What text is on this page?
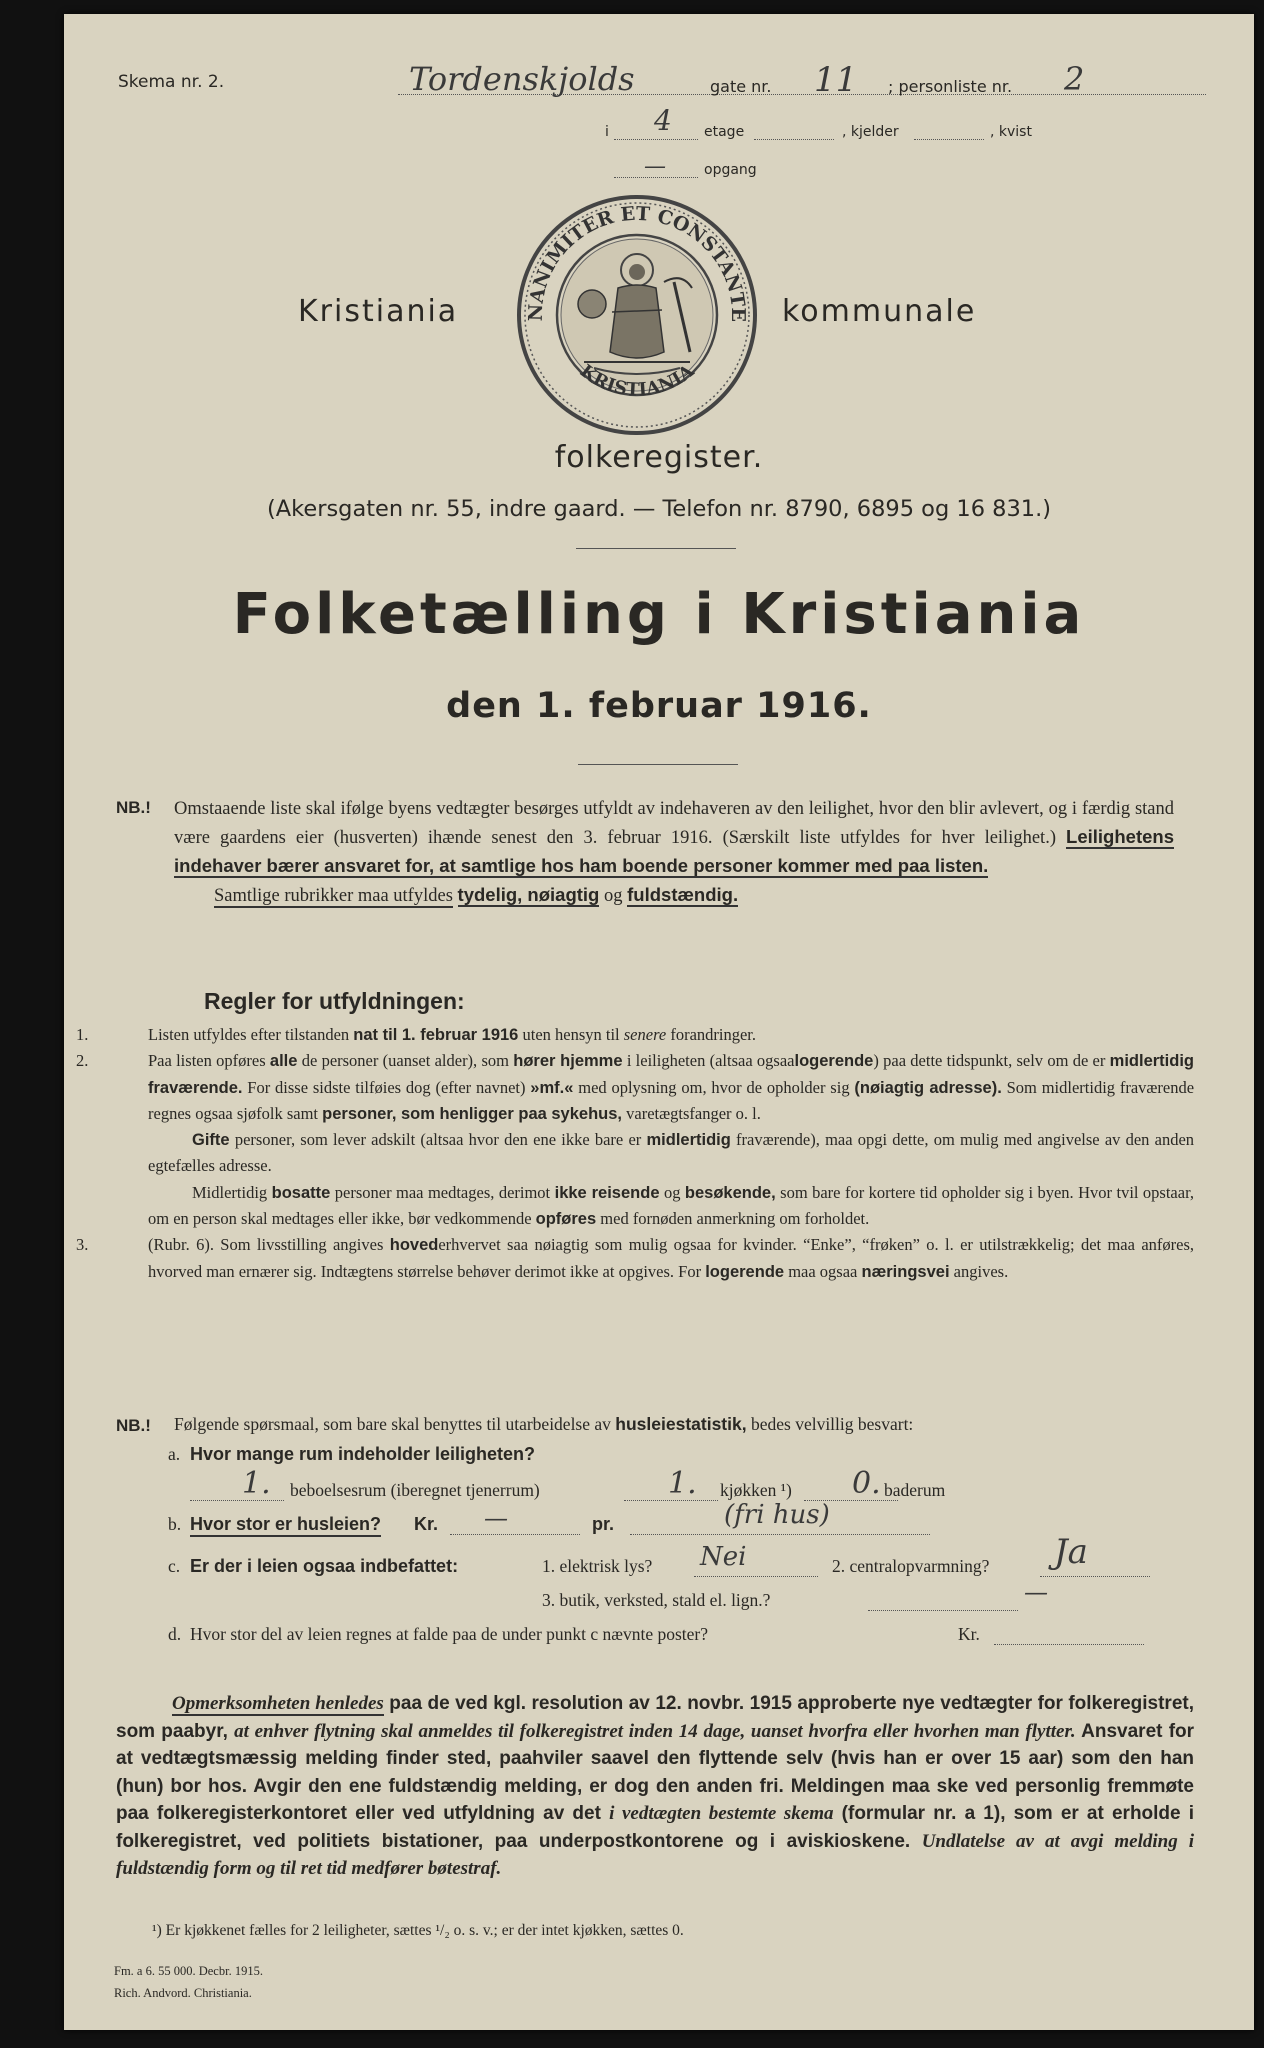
Skema nr. 2.	Tordenskjolds	gate nr. 11 ; personliste nr. 2
i 4 etage	, kjelder	, kvist
—	opgang
Kristiania	kommunale
NANIMITER ET CONSTANTE
KRISTIANIA
folkeregister.
(Akersgaten nr. 55, indre gaard. — Telefon nr. 8790, 6895 og 16 831.)
Folketælling i Kristiania
den 1. februar 1916.
NB.! Omstaaende liste skal ifølge byens vedtægter besørges utfyldt av indehaveren av den leilighet, hvor den blir avlevert, og i færdig stand være gaardens eier (husverten) ihænde senest den 3. februar 1916. (Særskilt liste utfyldes for hver leilighet.) Leilighetens indehaver bærer ansvaret for, at samtlige hos ham boende personer kommer med paa listen.
Samtlige rubrikker maa utfyldes tydelig, nøiagtig og fuldstændig.
Regler for utfyldningen:

1.	Listen utfyldes efter tilstanden nat til 1. februar 1916 uten hensyn til senere forandringer.

2.	Paa listen opføres alle de personer (uanset alder), som hører hjemme i leiligheten (altsaa ogsaalogerende) paa dette tidspunkt, selv om de er midlertidig fraværende. For disse sidste tilføies dog (efter navnet) »mf.« med oplysning om, hvor de opholder sig (nøiagtig adresse). Som midlertidig fraværende regnes ogsaa sjøfolk samt personer, som henligger paa sykehus, varetægtsfanger o. l.

Gifte personer, som lever adskilt (altsaa hvor den ene ikke bare er midlertidig fraværende), maa opgi dette, om mulig med angivelse av den anden egtefælles adresse.

Midlertidig bosatte personer maa medtages, derimot ikke reisende og besøkende, som bare for kortere tid opholder sig i byen. Hvor tvil opstaar, om en person skal medtages eller ikke, bør vedkommende opføres med fornøden anmerkning om forholdet.

3.	(Rubr. 6). Som livsstilling angives hovederhvervet saa nøiagtig som mulig ogsaa for kvinder. “Enke”, “frøken” o. l. er utilstrækkelig; det maa anføres, hvorved man ernærer sig. Indtægtens størrelse behøver derimot ikke at opgives. For logerende maa ogsaa næringsvei angives.

NB.! Følgende spørsmaal, som bare skal benyttes til utarbeidelse av husleiestatistik, bedes velvillig besvart:
a. Hvor mange rum indeholder leiligheten?
1. beboelsesrum (iberegnet tjenerrum)	1. kjøkken ¹) 0. baderum
b. Hvor stor er husleien? Kr. —	pr.	(fri hus)
c. Er der i leien ogsaa indbefattet:	1. elektrisk lys? Nei	2. centralopvarmning? Ja
3. butik, verksted, stald el. lign.?	—
d. Hvor stor del av leien regnes at falde paa de under punkt c nævnte poster?	Kr.
Opmerksomheten henledes paa de ved kgl. resolution av 12. novbr. 1915 approberte nye vedtægter for folkeregistret, som paabyr, at enhver flytning skal anmeldes til folkeregistret inden 14 dage, uanset hvorfra eller hvorhen man flytter. Ansvaret for at vedtægtsmæssig melding finder sted, paahviler saavel den flyttende selv (hvis han er over 15 aar) som den han (hun) bor hos. Avgir den ene fuldstændig melding, er dog den anden fri. Meldingen maa ske ved personlig fremmøte paa folkeregisterkontoret eller ved utfyldning av det i vedtægten bestemte skema (formular nr. a 1), som er at erholde i folkeregistret, ved politiets bistationer, paa underpostkontorene og i aviskioskene. Undlatelse av at avgi melding i fuldstændig form og til ret tid medfører bøtestraf.
¹) Er kjøkkenet fælles for 2 leiligheter, sættes ¹/₂ o. s. v.; er der intet kjøkken, sættes 0.
Fm. a 6. 55 000. Decbr. 1915.
Rich. Andvord. Christiania.
